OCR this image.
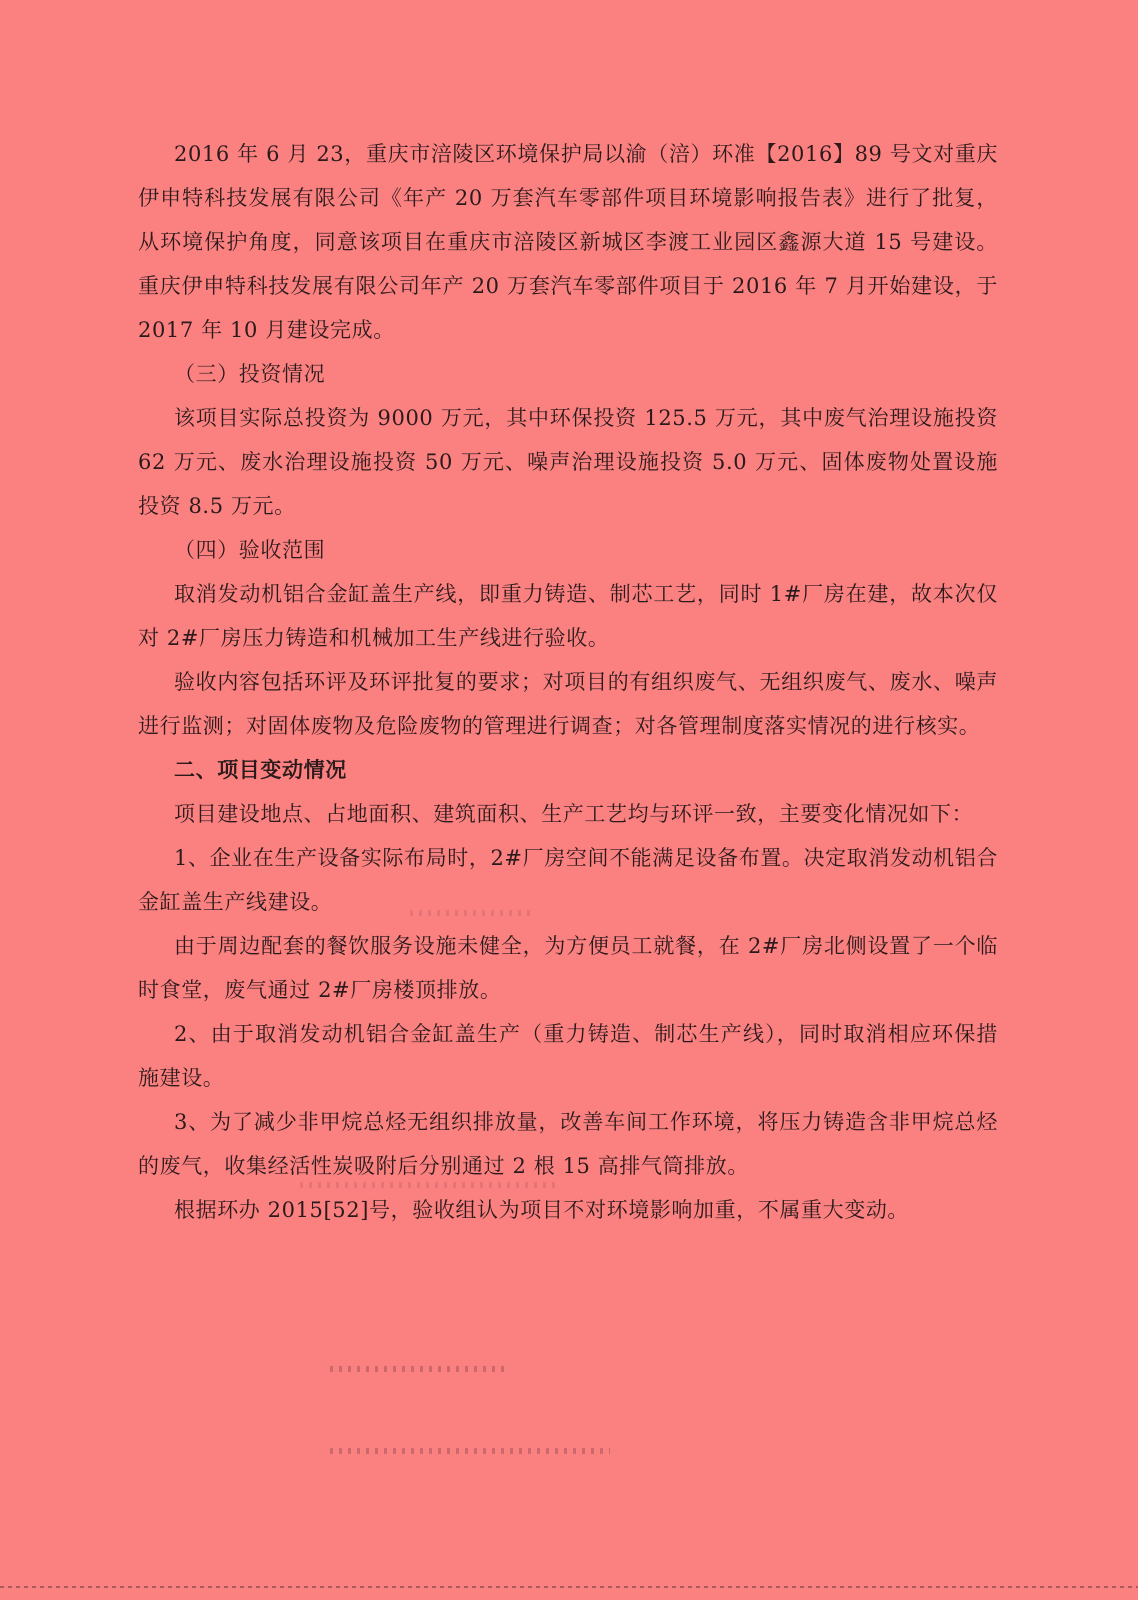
2016 年 6 月 23，重庆市涪陵区环境保护局以渝（涪）环准【2016】89 号文对重庆伊申特科技发展有限公司《年产 20 万套汽车零部件项目环境影响报告表》进行了批复，从环境保护角度，同意该项目在重庆市涪陵区新城区李渡工业园区鑫源大道 15 号建设。重庆伊申特科技发展有限公司年产 20 万套汽车零部件项目于 2016 年 7 月开始建设，于 2017 年 10 月建设完成。

（三）投资情况

该项目实际总投资为 9000 万元，其中环保投资 125.5 万元，其中废气治理设施投资 62 万元、废水治理设施投资 50 万元、噪声治理设施投资 5.0 万元、固体废物处置设施投资 8.5 万元。

（四）验收范围

取消发动机铝合金缸盖生产线，即重力铸造、制芯工艺，同时 1#厂房在建，故本次仅对 2#厂房压力铸造和机械加工生产线进行验收。

验收内容包括环评及环评批复的要求；对项目的有组织废气、无组织废气、废水、噪声进行监测；对固体废物及危险废物的管理进行调查；对各管理制度落实情况的进行核实。

二、项目变动情况

项目建设地点、占地面积、建筑面积、生产工艺均与环评一致，主要变化情况如下：

1、企业在生产设备实际布局时，2#厂房空间不能满足设备布置。决定取消发动机铝合金缸盖生产线建设。

由于周边配套的餐饮服务设施未健全，为方便员工就餐，在 2#厂房北侧设置了一个临时食堂，废气通过 2#厂房楼顶排放。

2、由于取消发动机铝合金缸盖生产（重力铸造、制芯生产线），同时取消相应环保措施建设。

3、为了减少非甲烷总烃无组织排放量，改善车间工作环境，将压力铸造含非甲烷总烃的废气，收集经活性炭吸附后分别通过 2 根 15 高排气筒排放。

根据环办 2015[52]号，验收组认为项目不对环境影响加重，不属重大变动。
